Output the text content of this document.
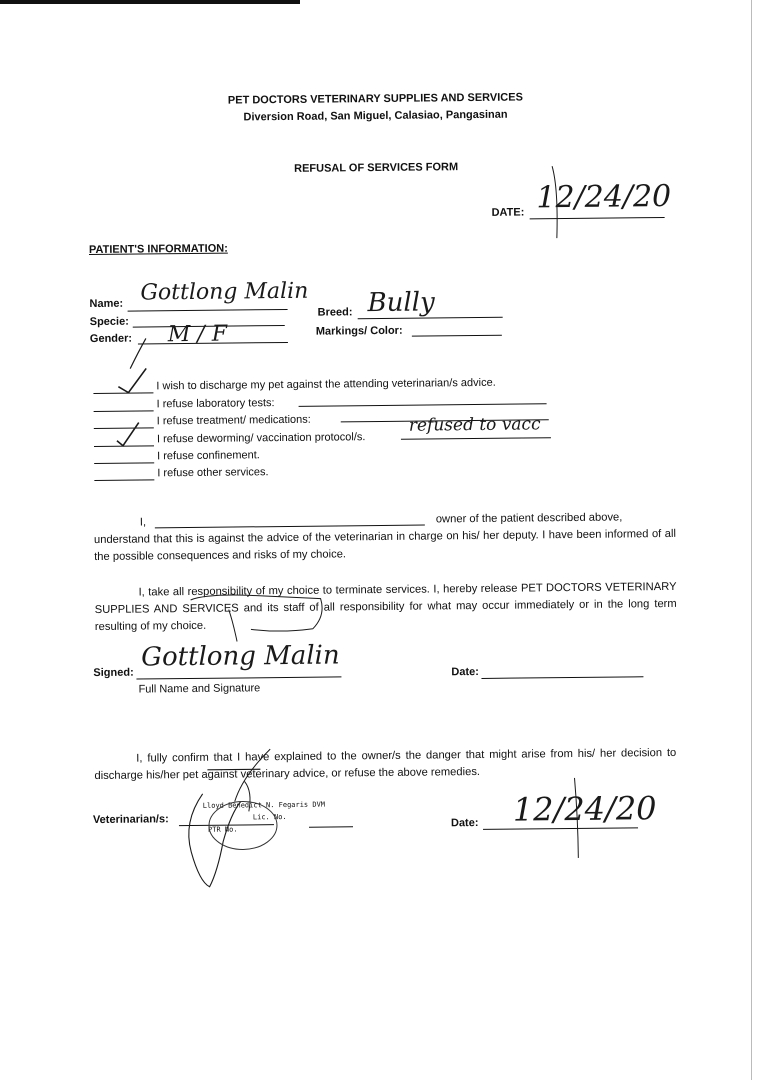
PET DOCTORS VETERINARY SUPPLIES AND SERVICES
Diversion Road, San Miguel, Calasiao, Pangasinan
REFUSAL OF SERVICES FORM
DATE: 12/24/20
PATIENT'S INFORMATION:
Name: Gottlong Malin
Specie:
Gender: M / F
Breed: Bully
Markings/ Color:
I wish to discharge my pet against the attending veterinarian/s advice.
I refuse laboratory tests:
I refuse treatment/ medications:
I refuse deworming/ vaccination protocol/s.
refused to vacc
I refuse confinement.
I refuse other services.
I,	owner of the patient described above,
understand that this is against the advice of the veterinarian in charge on his/ her deputy. I have been informed of all the possible consequences and risks of my choice.
I, take all responsibility of my choice to terminate services. I, hereby release PET DOCTORS VETERINARY SUPPLIES AND SERVICES and its staff of all responsibility for what may occur immediately or in the long term resulting of my choice.
Signed:
Gottlong Malin
Full Name and Signature
Date:
I, fully confirm that I have explained to the owner/s the danger that might arise from his/ her decision to discharge his/her pet against veterinary advice, or refuse the above remedies.
Veterinarian/s:
Lloyd Benedict N. Fegaris DVM
Lic. No.
PTR No.
Date: 12/24/20
